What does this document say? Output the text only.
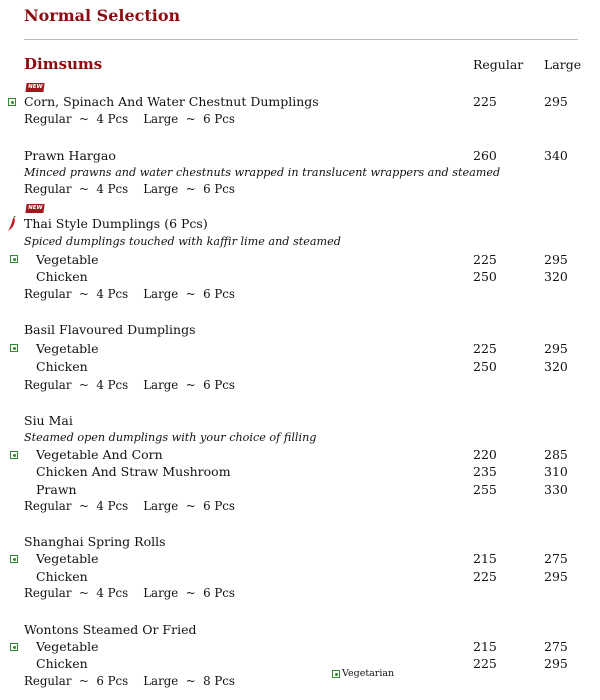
Normal Selection
Dimsums	Regular Large
NEW
Corn, Spinach And Water Chestnut Dumplings	225	295
Regular  ~  4 Pcs    Large  ~  6 Pcs
Prawn Hargao	260	340
Minced prawns and water chestnuts wrapped in translucent wrappers and steamed
Regular  ~  4 Pcs    Large  ~  6 Pcs
NEW
Thai Style Dumplings (6 Pcs)
Spiced dumplings touched with kaffir lime and steamed
Vegetable	225	295
Chicken	250	320
Regular  ~  4 Pcs    Large  ~  6 Pcs
Basil Flavoured Dumplings
Vegetable	225	295
Chicken	250	320
Regular  ~  4 Pcs    Large  ~  6 Pcs
Siu Mai
Steamed open dumplings with your choice of filling
Vegetable And Corn	220	285
Chicken And Straw Mushroom	235	310
Prawn	255	330
Regular  ~  4 Pcs    Large  ~  6 Pcs
Shanghai Spring Rolls
Vegetable	215	275
Chicken	225	295
Regular  ~  4 Pcs    Large  ~  6 Pcs
Wontons Steamed Or Fried
Vegetable	215	275
Chicken	225	295
Regular  ~  6 Pcs    Large  ~  8 Pcs
Vegetarian
